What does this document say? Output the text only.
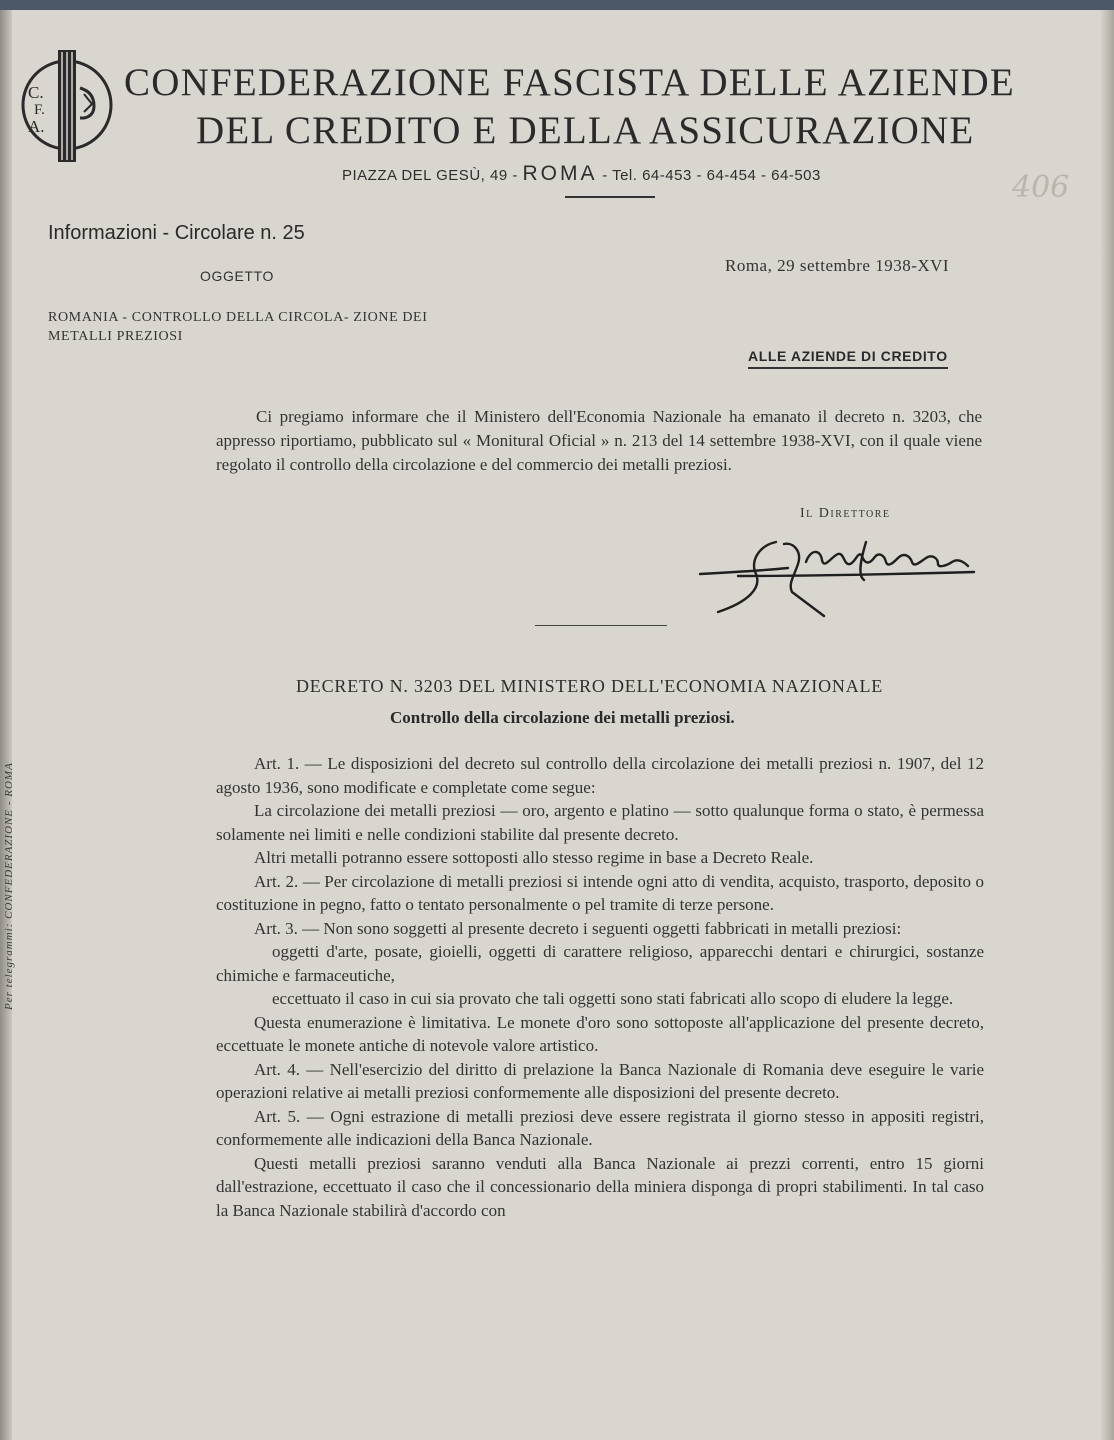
Per telegrammi: CONFEDERAZIONE - ROMA
C.
F.
A.
CONFEDERAZIONE FASCISTA DELLE AZIENDE
DEL CREDITO E DELLA ASSICURAZIONE
PIAZZA DEL GESÙ, 49 - ROMA - Tel. 64-453 - 64-454 - 64-503	406
Informazioni - Circolare n. 25
OGGETTO
Roma, 29 settembre 1938-XVI
ROMANIA - CONTROLLO DELLA CIRCOLA- ZIONE DEI METALLI PREZIOSI
ALLE AZIENDE DI CREDITO
Ci pregiamo informare che il Ministero dell'Economia Nazionale ha emanato il decreto n. 3203, che appresso riportiamo, pubblicato sul « Monitural Oficial » n. 213 del 14 settembre 1938-XVI, con il quale viene regolato il controllo della circolazione e del commercio dei metalli preziosi.
Il Direttore
DECRETO N. 3203 DEL MINISTERO DELL'ECONOMIA NAZIONALE
Controllo della circolazione dei metalli preziosi.

Art. 1. — Le disposizioni del decreto sul controllo della circolazione dei metalli preziosi n. 1907, del 12 agosto 1936, sono modificate e completate come segue:

La circolazione dei metalli preziosi — oro, argento e platino — sotto qualunque forma o stato, è permessa solamente nei limiti e nelle condizioni stabilite dal presente decreto.

Altri metalli potranno essere sottoposti allo stesso regime in base a Decreto Reale.

Art. 2. — Per circolazione di metalli preziosi si intende ogni atto di vendita, acquisto, trasporto, deposito o costituzione in pegno, fatto o tentato personalmente o pel tramite di terze persone.

Art. 3. — Non sono soggetti al presente decreto i seguenti oggetti fabbricati in metalli preziosi:

oggetti d'arte, posate, gioielli, oggetti di carattere religioso, apparecchi dentari e chirurgici, sostanze chimiche e farmaceutiche,

eccettuato il caso in cui sia provato che tali oggetti sono stati fabricati allo scopo di eludere la legge.

Questa enumerazione è limitativa. Le monete d'oro sono sottoposte all'applicazione del presente decreto, eccettuate le monete antiche di notevole valore artistico.

Art. 4. — Nell'esercizio del diritto di prelazione la Banca Nazionale di Romania deve eseguire le varie operazioni relative ai metalli preziosi conformemente alle disposizioni del presente decreto.

Art. 5. — Ogni estrazione di metalli preziosi deve essere registrata il giorno stesso in appositi registri, conformemente alle indicazioni della Banca Nazionale.

Questi metalli preziosi saranno venduti alla Banca Nazionale ai prezzi correnti, entro 15 giorni dall'estrazione, eccettuato il caso che il concessionario della miniera disponga di propri stabilimenti. In tal caso la Banca Nazionale stabilirà d'accordo con
